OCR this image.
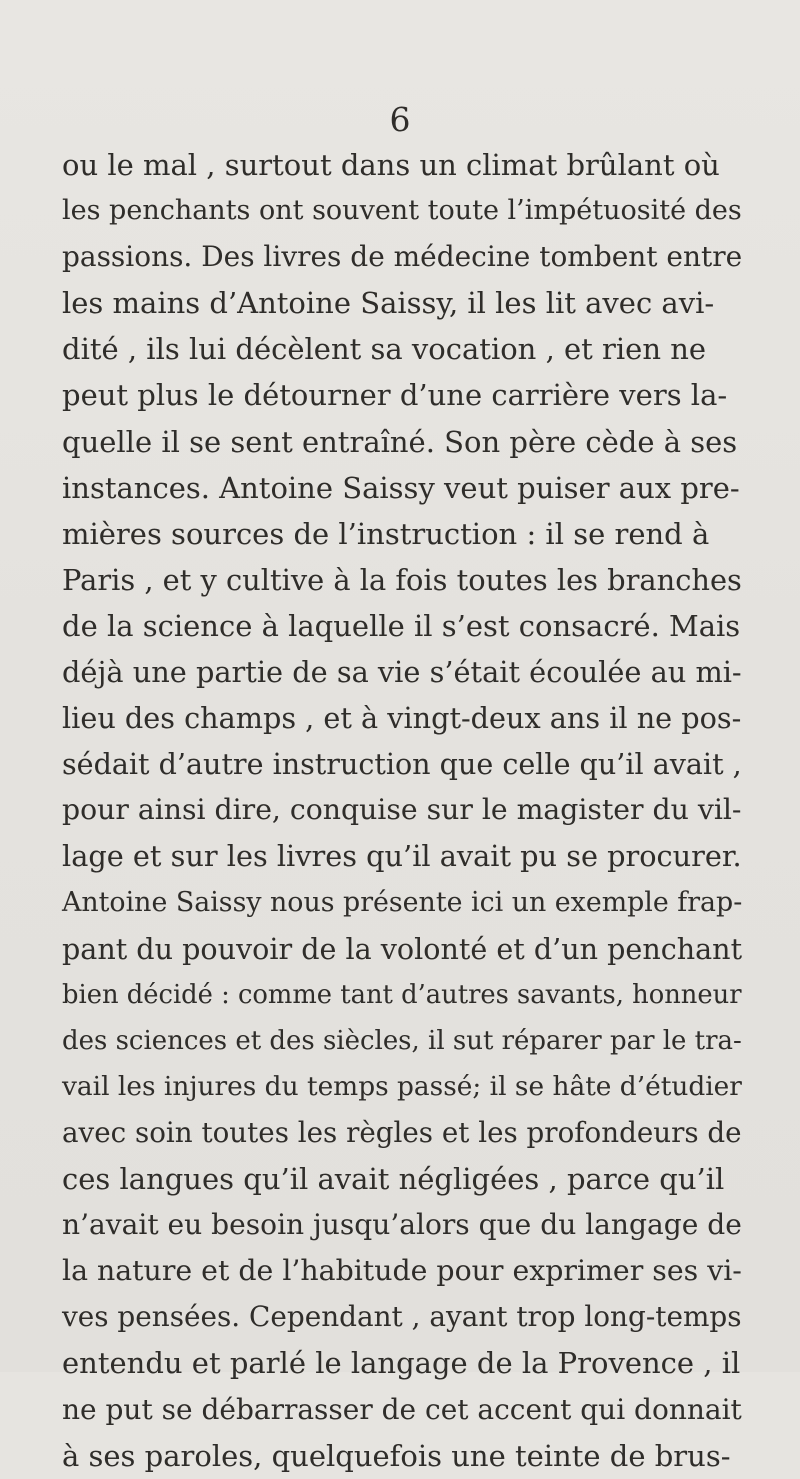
6
ou le mal , surtout dans un climat brûlant où
les penchants ont souvent toute l’impétuosité des
passions. Des livres de médecine tombent entre
les mains d’Antoine Saissy, il les lit avec avi-
dité , ils lui décèlent sa vocation , et rien ne
peut plus le détourner d’une carrière vers la-
quelle il se sent entraîné. Son père cède à ses
instances. Antoine Saissy veut puiser aux pre-
mières sources de l’instruction : il se rend à
Paris , et y cultive à la fois toutes les branches
de la science à laquelle il s’est consacré. Mais
déjà une partie de sa vie s’était écoulée au mi-
lieu des champs , et à vingt-deux ans il ne pos-
sédait d’autre instruction que celle qu’il avait ,
pour ainsi dire, conquise sur le magister du vil-
lage et sur les livres qu’il avait pu se procurer.
Antoine Saissy nous présente ici un exemple frap-
pant du pouvoir de la volonté et d’un penchant
bien décidé : comme tant d’autres savants, honneur
des sciences et des siècles, il sut réparer par le tra-
vail les injures du temps passé; il se hâte d’étudier
avec soin toutes les règles et les profondeurs de
ces langues qu’il avait négligées , parce qu’il
n’avait eu besoin jusqu’alors que du langage de
la nature et de l’habitude pour exprimer ses vi-
ves pensées. Cependant , ayant trop long-temps
entendu et parlé le langage de la Provence , il
ne put se débarrasser de cet accent qui donnait
à ses paroles, quelquefois une teinte de brus-
